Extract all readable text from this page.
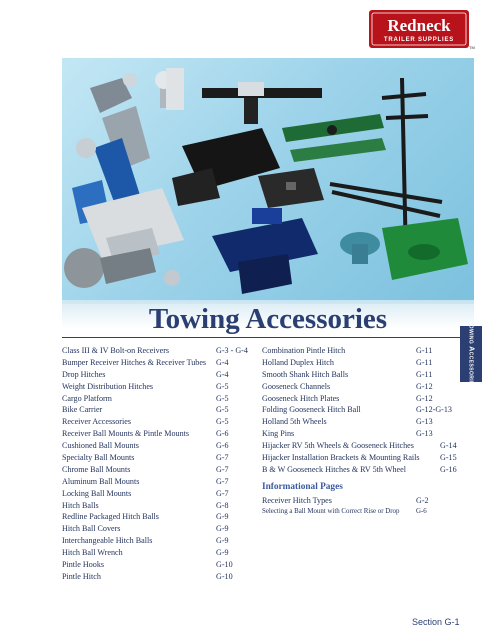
Redneck
TRAILER SUPPLIES
TM
Towing Accessories
Towing Accessories
Class III & IV Bolt-on Receivers	G-3 - G-4
Bumper Receiver Hitches & Receiver Tubes G-4
Drop Hitches	G-4
Weight Distribution Hitches	G-5
Cargo Platform	G-5
Bike Carrier	G-5
Receiver Accessories	G-5
Receiver Ball Mounts & Pintle Mounts	G-6
Cushioned Ball Mounts	G-6
Specialty Ball Mounts	G-7
Chrome Ball Mounts	G-7
Aluminum Ball Mounts	G-7
Locking Ball Mounts	G-7
Hitch Balls	G-8
Redline Packaged Hitch Balls	G-9
Hitch Ball Covers	G-9
Interchangeable Hitch Balls	G-9
Hitch Ball Wrench	G-9
Pintle Hooks	G-10
Pintle Hitch	G-10
Combination Pintle Hitch	G-11
Holland Duplex Hitch	G-11
Smooth Shank Hitch Balls	G-11
Gooseneck Channels	G-12
Gooseneck Hitch Plates	G-12
Folding Gooseneck Hitch Ball	G-12-G-13
Holland 5th Wheels	G-13
King Pins	G-13
Hijacker RV 5th Wheels & Gooseneck Hitches	G-14
Hijacker Installation Brackets & Mounting Rails	G-15
B & W Gooseneck Hitches & RV 5th Wheel	G-16
Informational Pages
Receiver Hitch Types	G-2
Selecting a Ball Mount with Correct Rise or Drop G-6
Section G-1
